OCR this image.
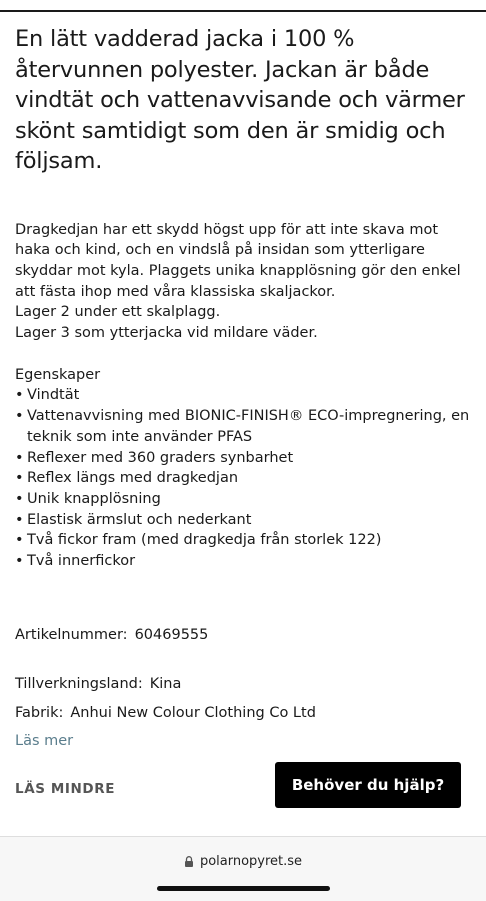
En lätt vadderad jacka i 100 % återvunnen polyester. Jackan är både vindtät och vattenavvisande och värmer skönt samtidigt som den är smidig och följsam.

Dragkedjan har ett skydd högst upp för att inte skava mot haka och kind, och en vindslå på insidan som ytterligare skyddar mot kyla. Plaggets unika knapplösning gör den enkel att fästa ihop med våra klassiska skaljackor.

Lager 2 under ett skalplagg.

Lager 3 som ytterjacka vid mildare väder.

Egenskaper
• Vindtät
• Vattenavvisning med BIONIC-FINISH® ECO-impregnering, en teknik som inte använder PFAS
• Reflexer med 360 graders synbarhet
• Reflex längs med dragkedjan
• Unik knapplösning
• Elastisk ärmslut och nederkant
• Två fickor fram (med dragkedja från storlek 122)
• Två innerfickor
Artikelnummer: 60469555
Tillverkningsland: Kina
Fabrik: Anhui New Colour Clothing Co Ltd
Läs mer
LÄS MINDRE	Behöver du hjälp?
polarnopyret.se
